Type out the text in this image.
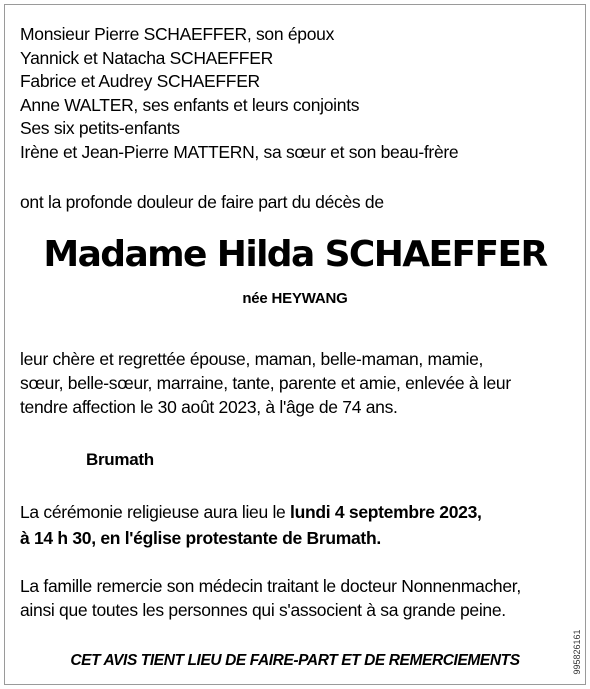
Monsieur Pierre SCHAEFFER, son époux
Yannick et Natacha SCHAEFFER
Fabrice et Audrey SCHAEFFER
Anne WALTER, ses enfants et leurs conjoints
Ses six petits-enfants
Irène et Jean-Pierre MATTERN, sa sœur et son beau-frère
ont la profonde douleur de faire part du décès de
Madame Hilda SCHAEFFER
née HEYWANG
leur chère et regrettée épouse, maman, belle-maman, mamie,
sœur, belle-sœur, marraine, tante, parente et amie, enlevée à leur
tendre affection le 30 août 2023, à l'âge de 74 ans.
Brumath
La cérémonie religieuse aura lieu le lundi 4 septembre 2023,
à 14 h 30, en l'église protestante de Brumath.
La famille remercie son médecin traitant le docteur Nonnenmacher,
ainsi que toutes les personnes qui s'associent à sa grande peine.
CET AVIS TIENT LIEU DE FAIRE-PART ET DE REMERCIEMENTS	995826161
